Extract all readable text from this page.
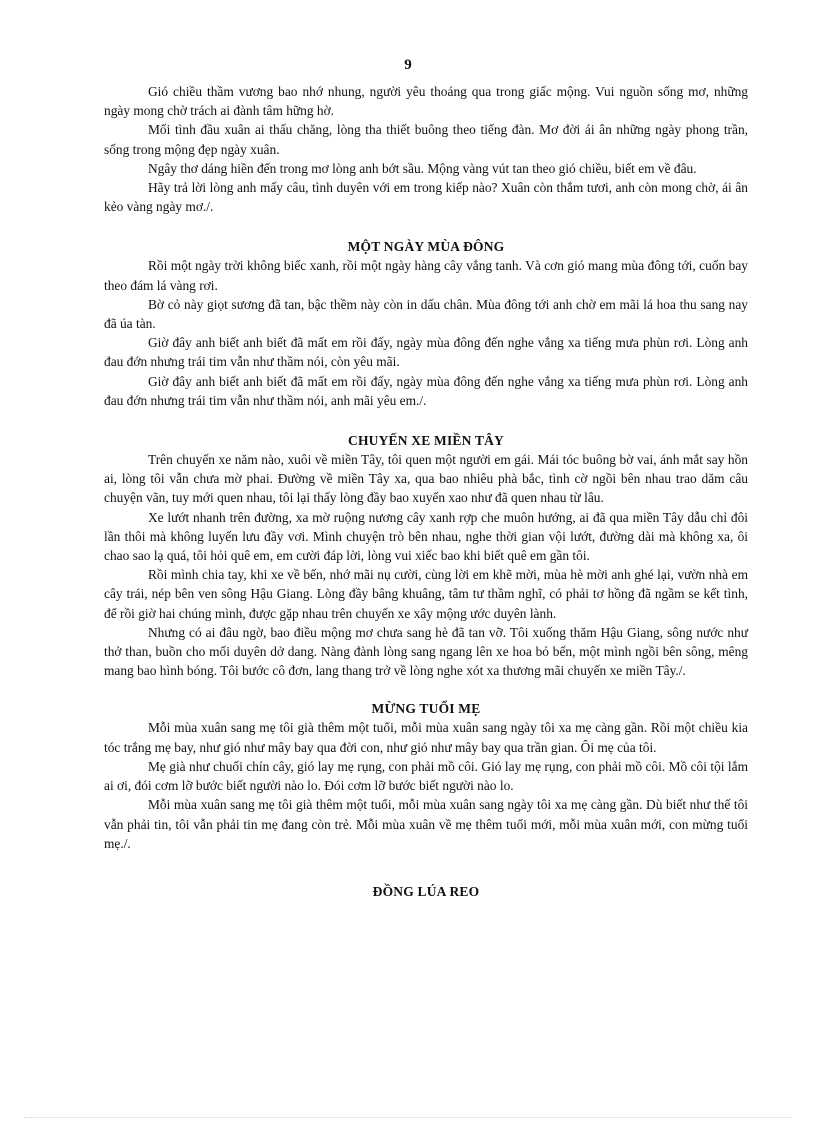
9

Gió chiều thầm vương bao nhớ nhung, người yêu thoáng qua trong giấc mộng. Vui nguồn sống mơ, những ngày mong chờ trách ai đành tâm hững hờ.

Mối tình đầu xuân ai thấu chăng, lòng tha thiết buông theo tiếng đàn. Mơ đời ái ân những ngày phong trần, sống trong mộng đẹp ngày xuân.

Ngây thơ dáng hiền đến trong mơ lòng anh bớt sầu. Mộng vàng vút tan theo gió chiều, biết em về đâu.

Hãy trả lời lòng anh mấy câu, tình duyên với em trong kiếp nào? Xuân còn thắm tươi, anh còn mong chờ, ái ân kẻo vàng ngày mơ./.

MỘT NGÀY MÙA ĐÔNG

Rồi một ngày trời không biếc xanh, rồi một ngày hàng cây vắng tanh. Và cơn gió mang mùa đông tới, cuốn bay theo đám lá vàng rơi.

Bờ cỏ này giọt sương đã tan, bậc thềm này còn in dấu chân. Mùa đông tới anh chờ em mãi lá hoa thu sang nay đã úa tàn.

Giờ đây anh biết anh biết đã mất em rồi đấy, ngày mùa đông đến nghe vắng xa tiếng mưa phùn rơi. Lòng anh đau đớn nhưng trái tim vẫn như thầm nói, còn yêu mãi.

Giờ đây anh biết anh biết đã mất em rồi đấy, ngày mùa đông đến nghe vắng xa tiếng mưa phùn rơi. Lòng anh đau đớn nhưng trái tim vẫn như thầm nói, anh mãi yêu em./.

CHUYẾN XE MIỀN TÂY

Trên chuyến xe năm nào, xuôi về miền Tây, tôi quen một người em gái. Mái tóc buông bờ vai, ánh mắt say hồn ai, lòng tôi vẫn chưa mờ phai. Đường về miền Tây xa, qua bao nhiêu phà bắc, tình cờ ngồi bên nhau trao dăm câu chuyện vãn, tuy mới quen nhau, tôi lại thấy lòng đầy bao xuyến xao như đã quen nhau từ lâu.

Xe lướt nhanh trên đường, xa mờ ruộng nương cây xanh rợp che muôn hướng, ai đã qua miền Tây dẫu chỉ đôi lần thôi mà không luyến lưu đầy vơi. Mình chuyện trò bên nhau, nghe thời gian vội lướt, đường dài mà không xa, ôi chao sao lạ quá, tôi hỏi quê em, em cười đáp lời, lòng vui xiếc bao khi biết quê em gần tôi.

Rồi mình chia tay, khi xe về bến, nhớ mãi nụ cười, cùng lời em khẽ mời, mùa hè mời anh ghé lại, vườn nhà em cây trái, nép bên ven sông Hậu Giang. Lòng đầy bâng khuâng, tâm tư thầm nghĩ, có phải tơ hồng đã ngầm se kết tình, để rồi giờ hai chúng mình, được gặp nhau trên chuyến xe xây mộng ước duyên lành.

Nhưng có ai đâu ngờ, bao điều mộng mơ chưa sang hè đã tan vỡ. Tôi xuống thăm Hậu Giang, sông nước như thở than, buồn cho mối duyên dở dang. Nàng đành lòng sang ngang lên xe hoa bỏ bến, một mình ngồi bên sông, mêng mang bao hình bóng. Tôi bước cô đơn, lang thang trở về lòng nghe xót xa thương mãi chuyến xe miền Tây./.

MỪNG TUỔI MẸ

Mỗi mùa xuân sang mẹ tôi già thêm một tuổi, mỗi mùa xuân sang ngày tôi xa mẹ càng gần. Rồi một chiều kia tóc trắng mẹ bay, như gió như mây bay qua đời con, như gió như mây bay qua trần gian. Ôi mẹ của tôi.

Mẹ già như chuối chín cây, gió lay mẹ rụng, con phải mồ côi. Gió lay mẹ rụng, con phải mồ côi. Mồ côi tội lắm ai ơi, đói cơm lỡ bước biết người nào lo. Đói cơm lỡ bước biết người nào lo.

Mỗi mùa xuân sang mẹ tôi già thêm một tuổi, mỗi mùa xuân sang ngày tôi xa mẹ càng gần. Dù biết như thế tôi vẫn phải tin, tôi vẫn phải tin mẹ đang còn trẻ. Mỗi mùa xuân về mẹ thêm tuổi mới, mỗi mùa xuân mới, con mừng tuổi mẹ./.

ĐỒNG LÚA REO
